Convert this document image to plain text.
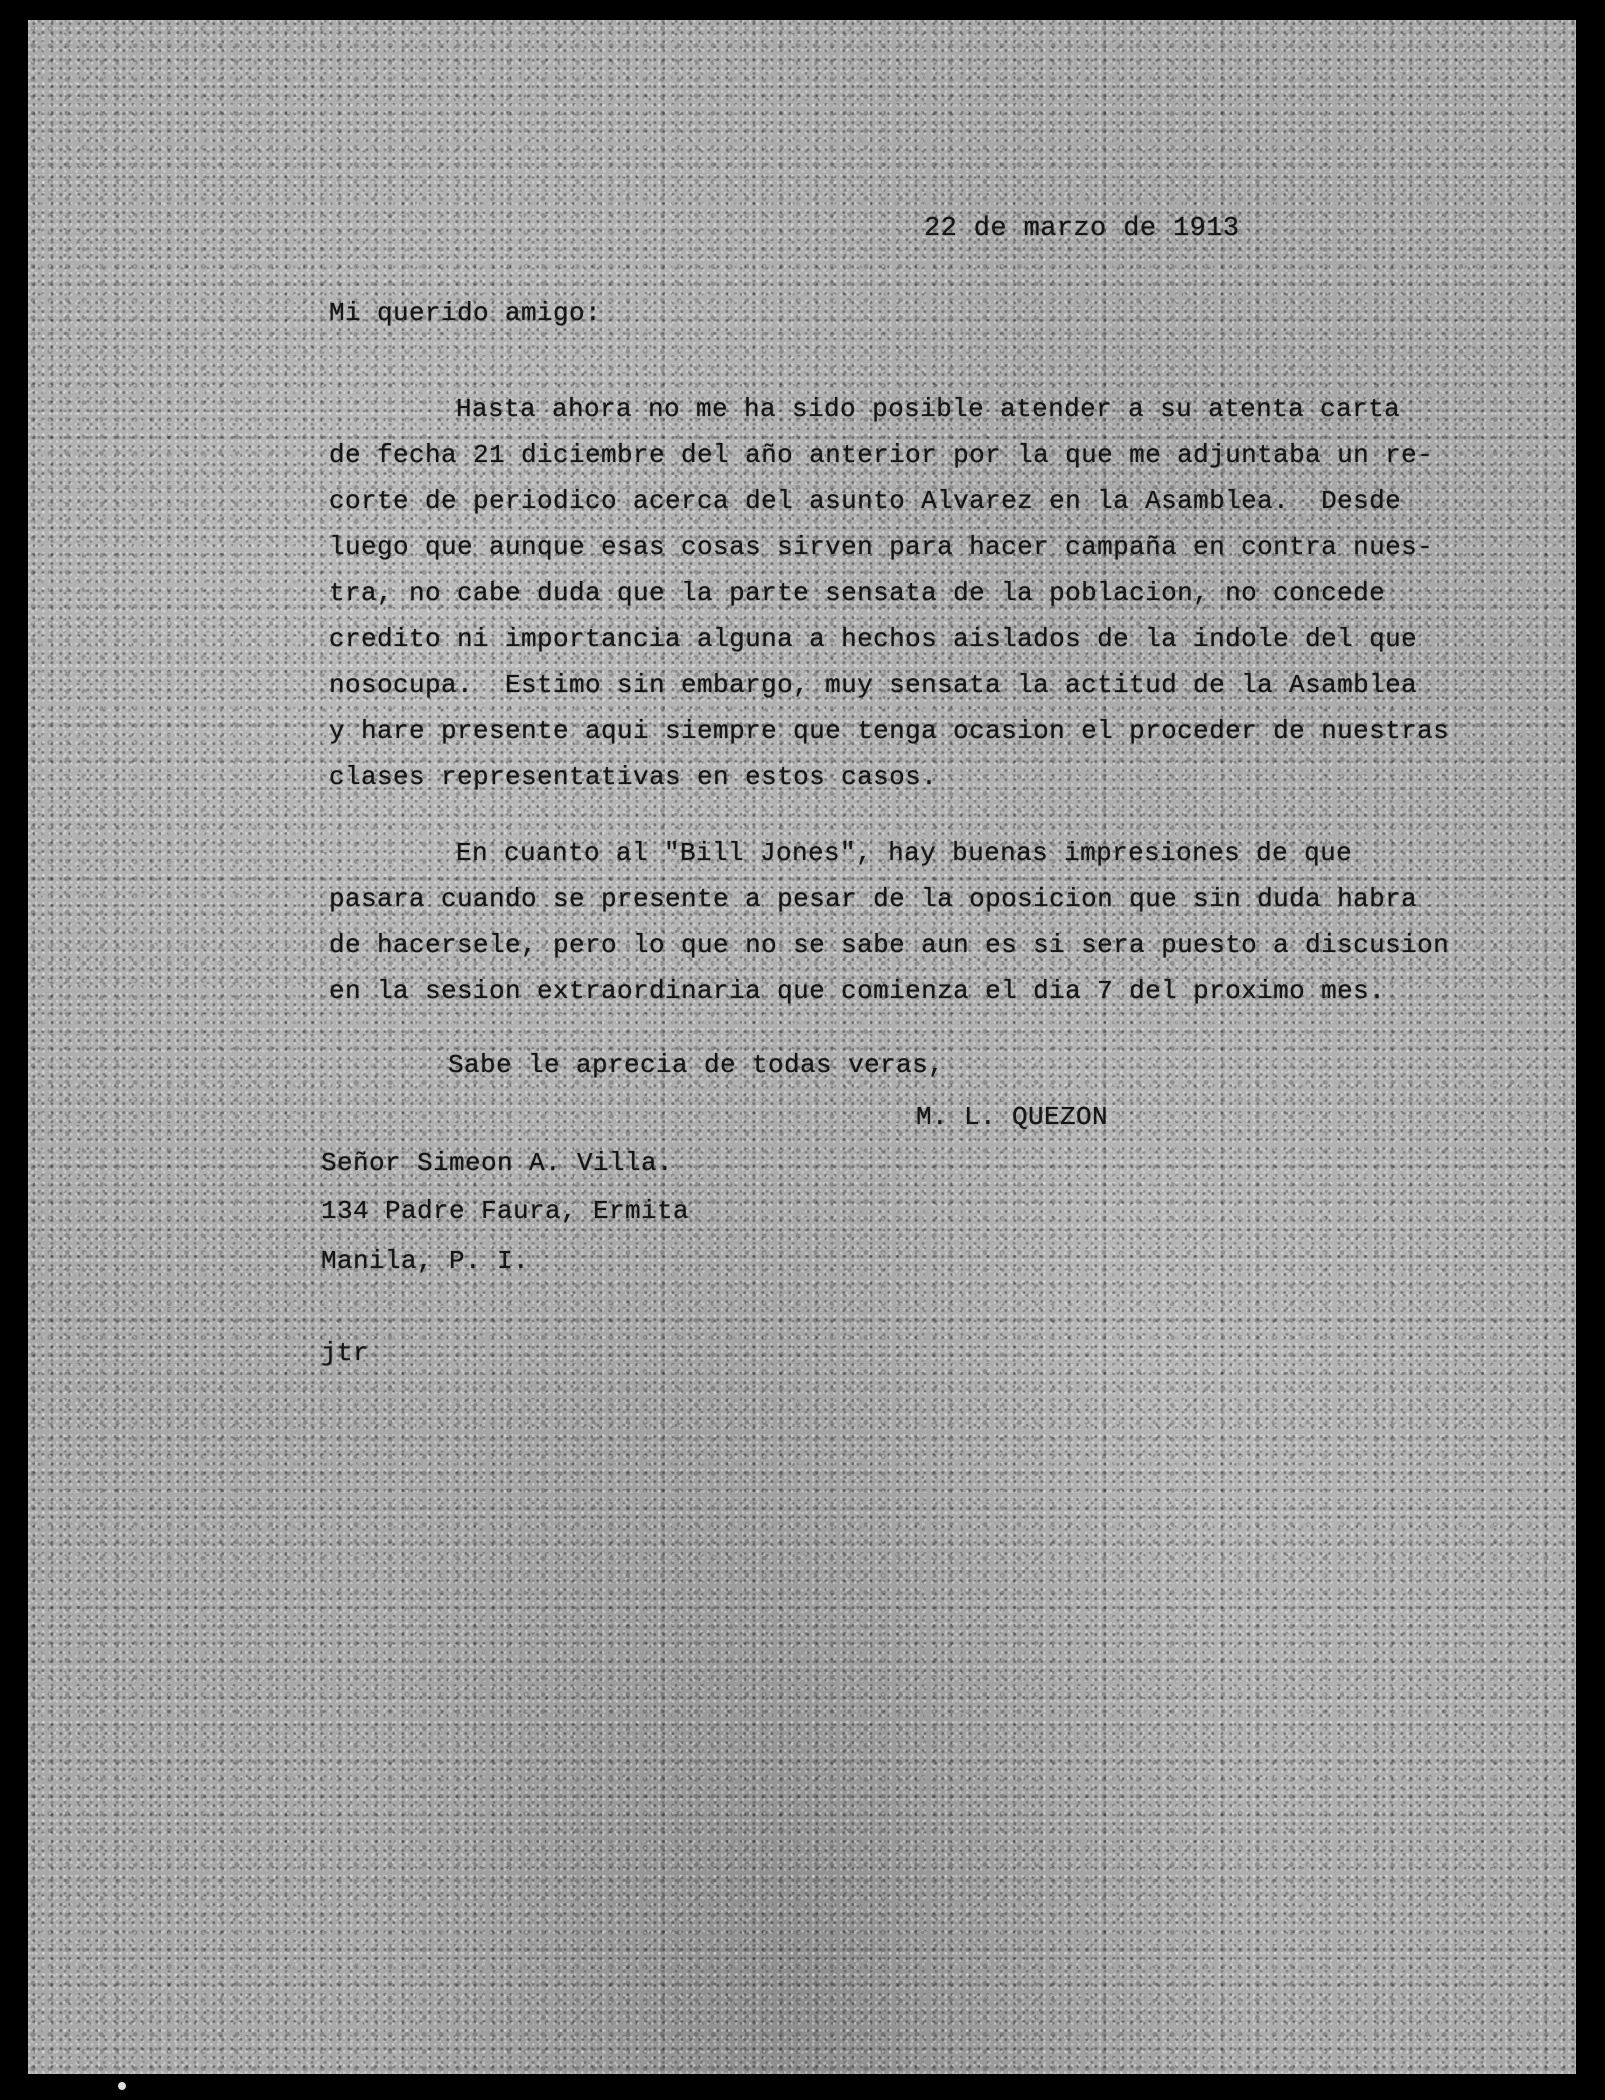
22 de marzo de 1913
Mi querido amigo:
Hasta ahora no me ha sido posible atender a su atenta carta
de fecha 21 diciembre del año anterior por la que me adjuntaba un re-
corte de periodico acerca del asunto Alvarez en la Asamblea.  Desde
luego que aunque esas cosas sirven para hacer campaña en contra nues-
tra, no cabe duda que la parte sensata de la poblacion, no concede
credito ni importancia alguna a hechos aislados de la indole del que
nosocupa.  Estimo sin embargo, muy sensata la actitud de la Asamblea
y hare presente aqui siempre que tenga ocasion el proceder de nuestras
clases representativas en estos casos.
En cuanto al "Bill Jones", hay buenas impresiones de que
pasara cuando se presente a pesar de la oposicion que sin duda habra
de hacersele, pero lo que no se sabe aun es si sera puesto a discusion
en la sesion extraordinaria que comienza el dia 7 del proximo mes.
Sabe le aprecia de todas veras,
M. L. QUEZON
Señor Simeon A. Villa.
134 Padre Faura, Ermita
Manila, P. I.
jtr
